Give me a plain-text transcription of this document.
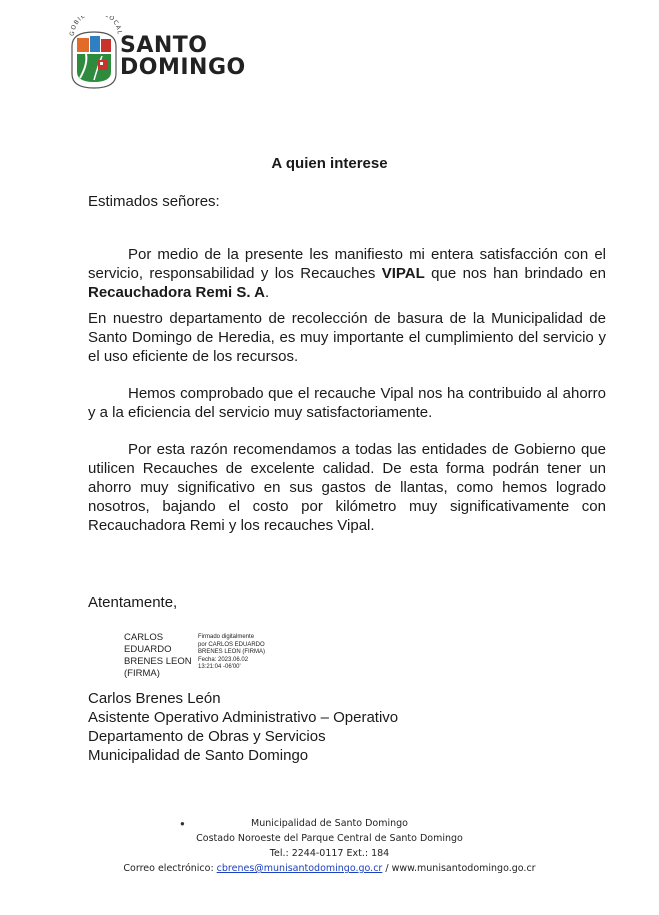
GOBIE OCAL
SANTO
DOMINGO
A quien interese
Estimados señores:
Por medio de la presente les manifiesto mi entera satisfacción con el servicio, responsabilidad y los Recauches VIPAL que nos han brindado en Recauchadora Remi S. A.
En nuestro departamento de recolección de basura de la Municipalidad de Santo Domingo de Heredia, es muy importante el cumplimiento del servicio y el uso eficiente de los recursos.
Hemos comprobado que el recauche Vipal nos ha contribuido al ahorro y a la eficiencia del servicio muy satisfactoriamente.
Por esta razón recomendamos a todas las entidades de Gobierno que utilicen Recauches de excelente calidad. De esta forma podrán tener un ahorro muy significativo en sus gastos de llantas, como hemos logrado nosotros, bajando el costo por kilómetro muy significativamente con Recauchadora Remi y los recauches Vipal.
Atentamente,
CARLOS
EDUARDO
BRENES LEON
(FIRMA)
Firmado digitalmente
por CARLOS EDUARDO
BRENES LEON (FIRMA)
Fecha: 2023.06.02
13:21:04 -06'00'
Carlos Brenes León
Asistente Operativo Administrativo – Operativo
Departamento de Obras y Servicios
Municipalidad de Santo Domingo
●	Municipalidad de Santo Domingo
Costado Noroeste del Parque Central de Santo Domingo
Tel.: 2244-0117 Ext.: 184
Correo electrónico: cbrenes@munisantodomingo.go.cr / www.munisantodomingo.go.cr
